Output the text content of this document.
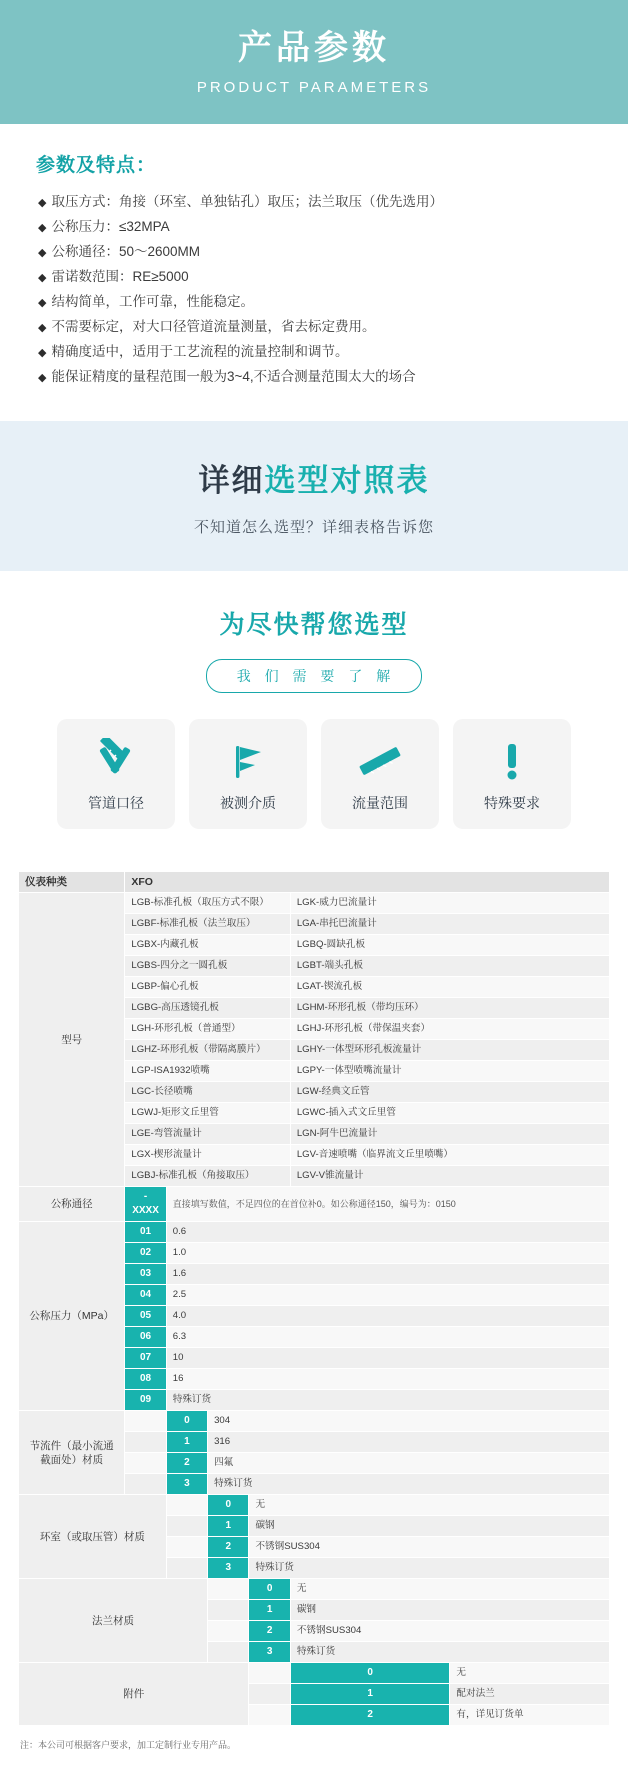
产品参数
PRODUCT PARAMETERS
参数及特点：
◆ 取压方式：角接（环室、单独钻孔）取压；法兰取压（优先选用）
◆ 公称压力：≤32MPA
◆ 公称通径：50～2600MM
◆ 雷诺数范围：RE≥5000
◆ 结构简单，工作可靠，性能稳定。
◆ 不需要标定，对大口径管道流量测量，省去标定费用。
◆ 精确度适中，适用于工艺流程的流量控制和调节。
◆ 能保证精度的量程范围一般为3~4,不适合测量范围太大的场合
详细选型对照表
不知道怎么选型？详细表格告诉您
为尽快帮您选型
我 们 需 要 了 解
管道口径	被测介质	流量范围	特殊要求
仪表种类	XFO					
型号	LGB-标准孔板（取压方式不限）				LGK-威力巴流量计	
	LGBF-标准孔板（法兰取压）				LGA-串托巴流量计	
	LGBX-内藏孔板				LGBQ-圆缺孔板	
	LGBS-四分之一圆孔板				LGBT-端头孔板	
	LGBP-偏心孔板				LGAT-锲流孔板	
	LGBG-高压透镜孔板				LGHM-环形孔板（带均压环）	
	LGH-环形孔板（普通型）				LGHJ-环形孔板（带保温夹套）	
	LGHZ-环形孔板（带隔离膜片）				LGHY-一体型环形孔板流量计	
	LGP-ISA1932喷嘴				LGPY-一体型喷嘴流量计	
	LGC-长径喷嘴				LGW-经典文丘管	
	LGWJ-矩形文丘里管				LGWC-插入式文丘里管	
	LGE-弯管流量计				LGN-阿牛巴流量计	
	LGX-楔形流量计				LGV-音速喷嘴（临界流文丘里喷嘴）	
	LGBJ-标准孔板（角接取压）				LGV-V锥流量计	
公称通径	-XXXX	直接填写数值，不足四位的在首位补0。如公称通径150，编号为：0150				
公称压力（MPa）	01	0.6				
	02	1.0				
	03	1.6				
	04	2.5				
	05	4.0				
	06	6.3				
	07	10				
	08	16				
	09	特殊订货				
节流件（最小流通截面处）材质		0	304			
		1	316			
		2	四氟			
		3	特殊订货			
环室（或取压管）材质			0	无		
			1	碳钢		
			2	不锈钢SUS304		
			3	特殊订货		
法兰材质				0	无	
				1	碳钢	
				2	不锈钢SUS304	
				3	特殊订货	
附件					0	无
					1	配对法兰
					2	有，详见订货单
注：本公司可根据客户要求，加工定制行业专用产品。
